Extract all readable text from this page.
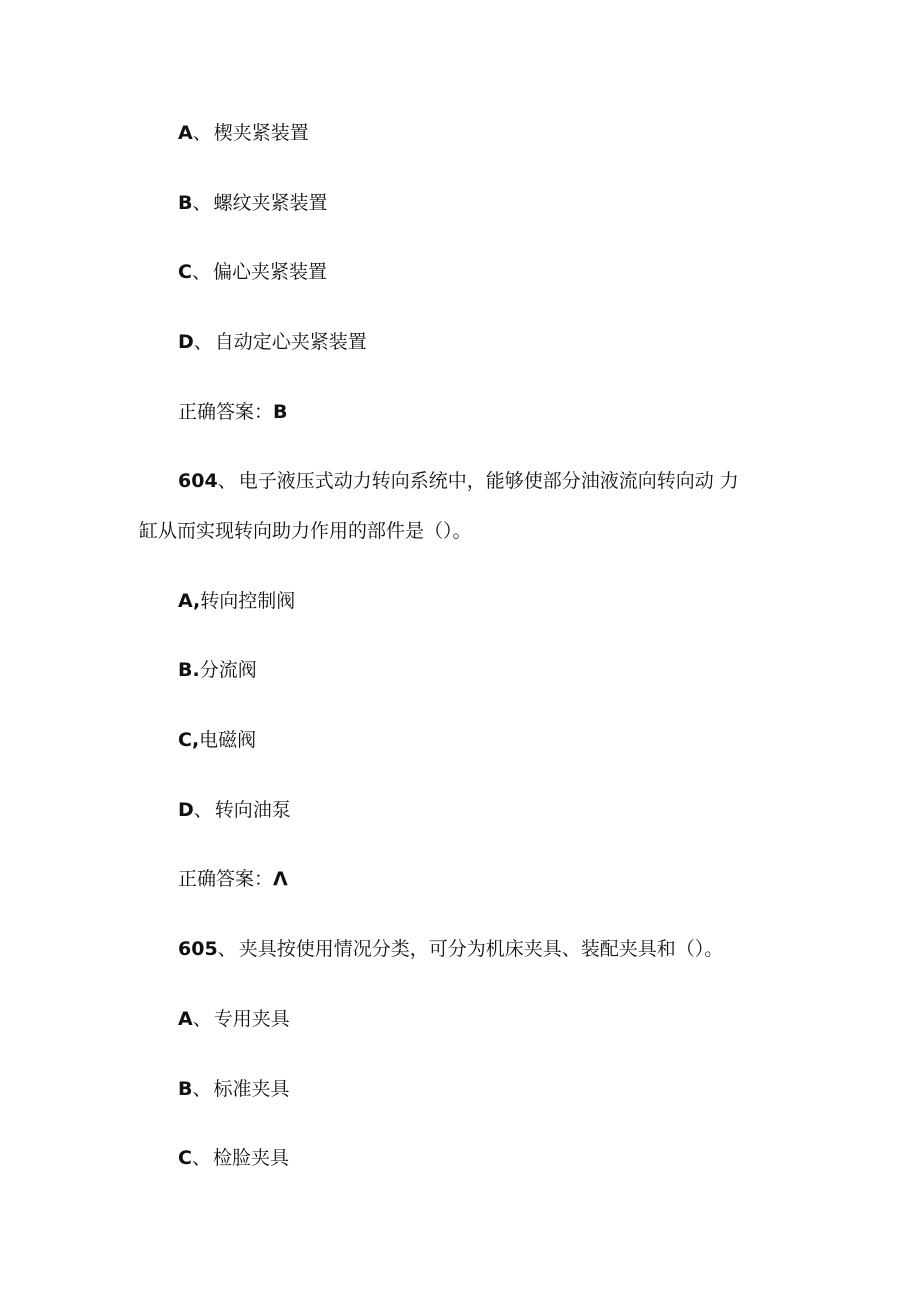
A、 楔夹紧装置
B、 螺纹夹紧装置
C、 偏心夹紧装置
D、 自动定心夹紧装置
正确答案：B
604、 电子液压式动力转向系统中，能够使部分油液流向转向动 力
缸从而实现转向助力作用的部件是（）。
A,转向控制阀
B.分流阀
C,电磁阀
D、 转向油泵
正确答案：Λ
605、 夹具按使用情况分类，可分为机床夹具、装配夹具和（）。
A、 专用夹具
B、 标准夹具
C、 检脸夹具
